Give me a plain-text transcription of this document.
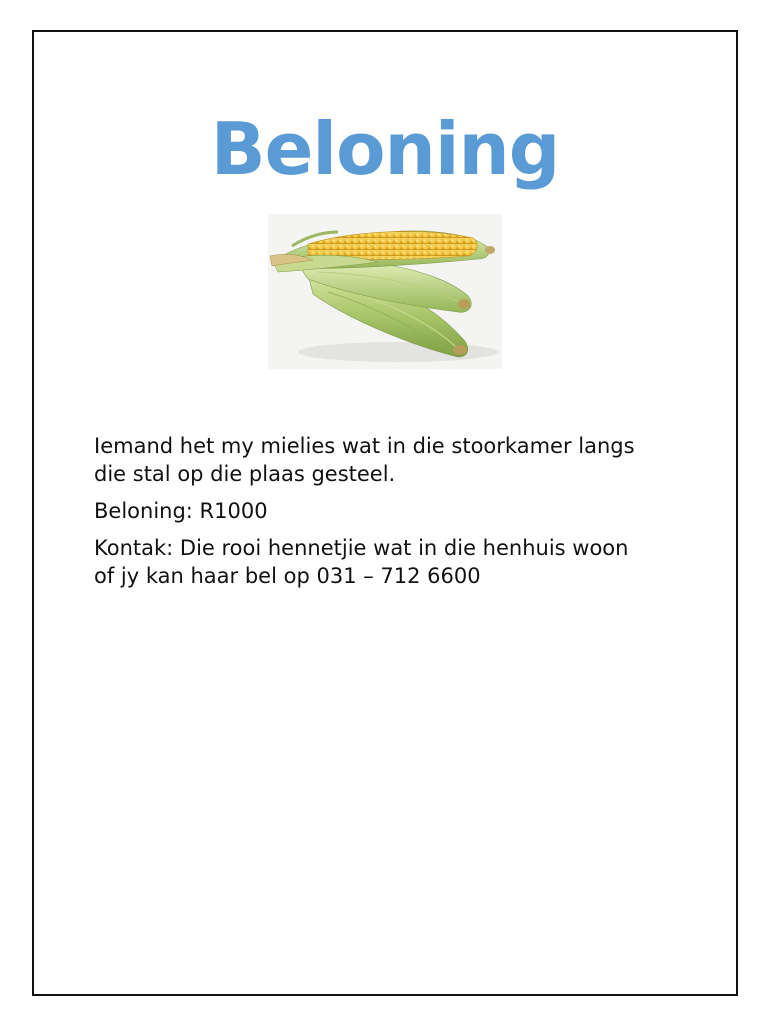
Beloning

Iemand het my mielies wat in die stoorkamer langs die stal op die plaas gesteel.

Beloning: R1000

Kontak: Die rooi hennetjie wat in die henhuis woon of jy kan haar bel op 031 – 712 6600
